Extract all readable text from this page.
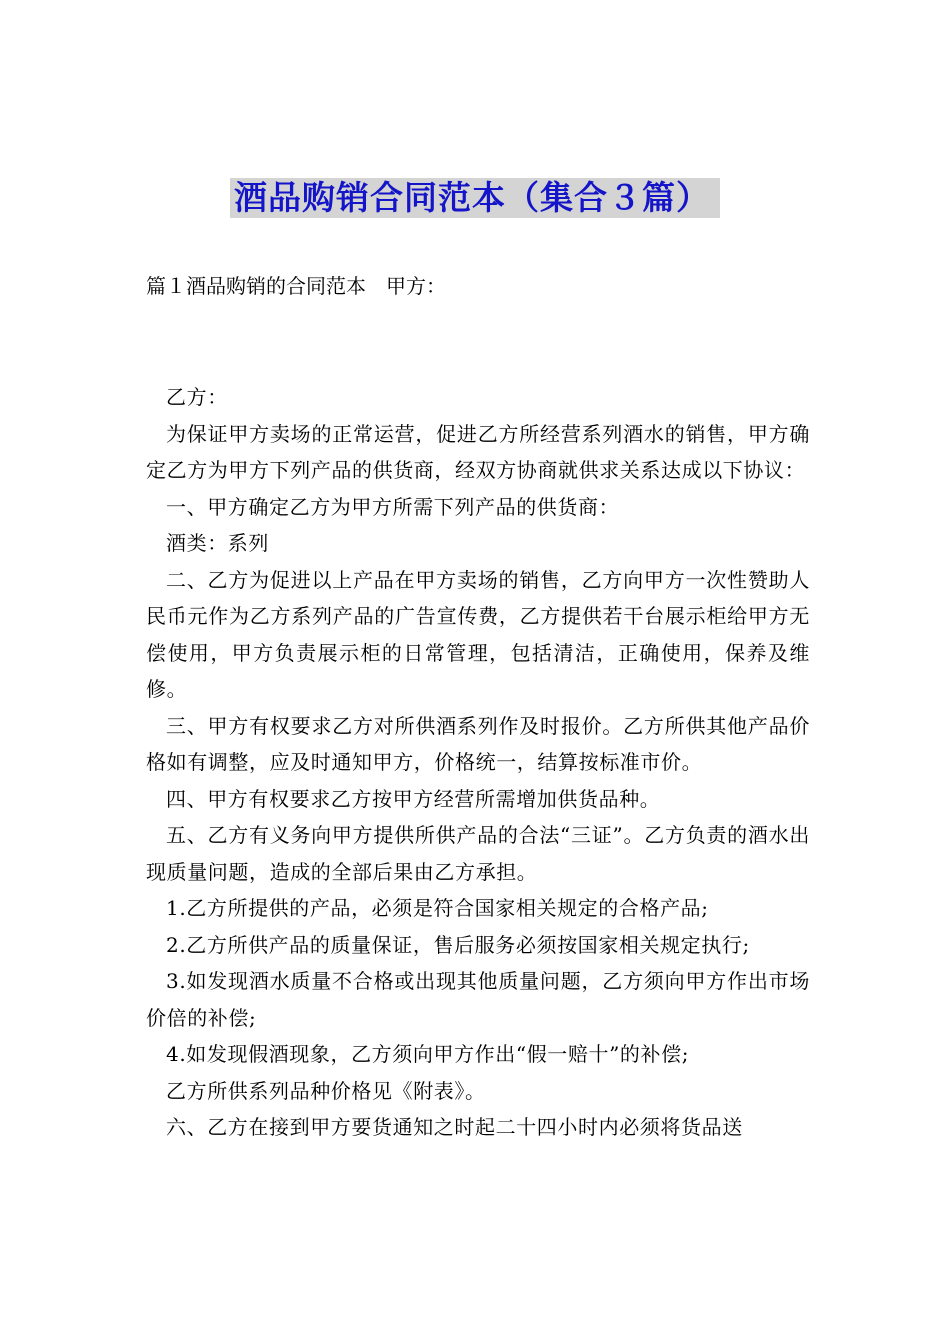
酒品购销合同范本（集合３篇）
篇１酒品购销的合同范本　甲方：

乙方：

为保证甲方卖场的正常运营，促进乙方所经营系列酒水的销售，甲方确定乙方为甲方下列产品的供货商，经双方协商就供求关系达成以下协议：

一、甲方确定乙方为甲方所需下列产品的供货商：

酒类：系列

二、乙方为促进以上产品在甲方卖场的销售，乙方向甲方一次性赞助人民币元作为乙方系列产品的广告宣传费，乙方提供若干台展示柜给甲方无偿使用，甲方负责展示柜的日常管理，包括清洁，正确使用，保养及维修。

三、甲方有权要求乙方对所供酒系列作及时报价。乙方所供其他产品价格如有调整，应及时通知甲方，价格统一，结算按标准市价。

四、甲方有权要求乙方按甲方经营所需增加供货品种。

五、乙方有义务向甲方提供所供产品的合法“三证”。乙方负责的酒水出现质量问题，造成的全部后果由乙方承担。

1.乙方所提供的产品，必须是符合国家相关规定的合格产品;

2.乙方所供产品的质量保证，售后服务必须按国家相关规定执行;

3.如发现酒水质量不合格或出现其他质量问题，乙方须向甲方作出市场价倍的补偿;

4.如发现假酒现象，乙方须向甲方作出“假一赔十”的补偿;

乙方所供系列品种价格见《附表》。

六、乙方在接到甲方要货通知之时起二十四小时内必须将货品送
